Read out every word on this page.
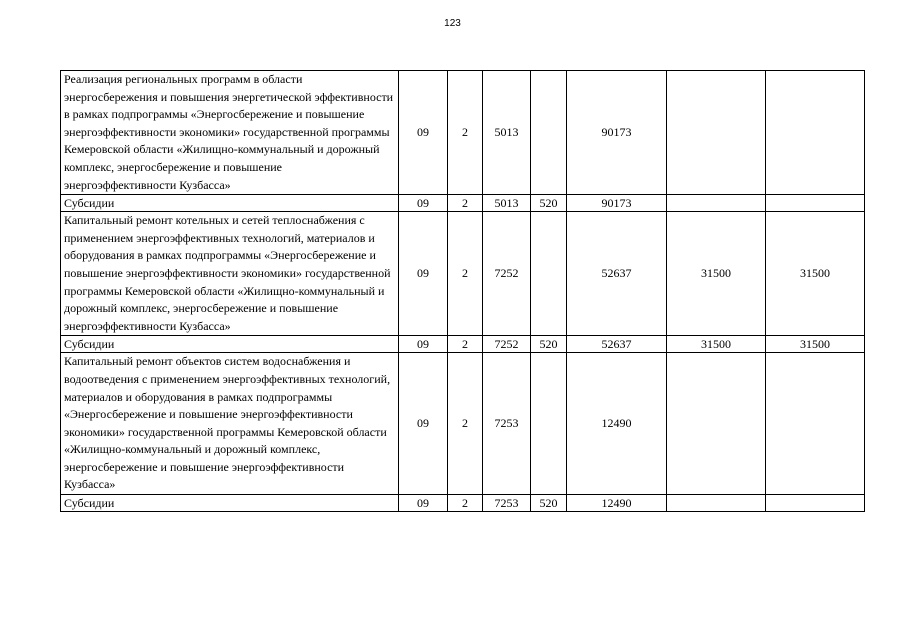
123
Реализация региональных программ в области энергосбережения и повышения энергетической эффективности в рамках подпрограммы «Энергосбережение и повышение энергоэффективности экономики» государственной программы Кемеровской области «Жилищно-коммунальный и дорожный комплекс, энергосбережение и повышение энергоэффективности Кузбасса»	09	2	5013		90173		
Субсидии	09	2	5013	520	90173		
Капитальный ремонт котельных и сетей теплоснабжения с применением энергоэффективных технологий, материалов и оборудования в рамках подпрограммы «Энергосбережение и повышение энергоэффективности экономики» государственной программы Кемеровской области «Жилищно-коммунальный и дорожный комплекс, энергосбережение и повышение энергоэффективности Кузбасса»	09	2	7252		52637	31500	31500
Субсидии	09	2	7252	520	52637	31500	31500
Капитальный ремонт объектов систем водоснабжения и водоотведения с применением энергоэффективных технологий, материалов и оборудования в рамках подпрограммы «Энергосбережение и повышение энергоэффективности экономики» государственной программы Кемеровской области «Жилищно-коммунальный и дорожный комплекс, энергосбережение и повышение энергоэффективности Кузбасса»	09	2	7253		12490		
Субсидии	09	2	7253	520	12490		
